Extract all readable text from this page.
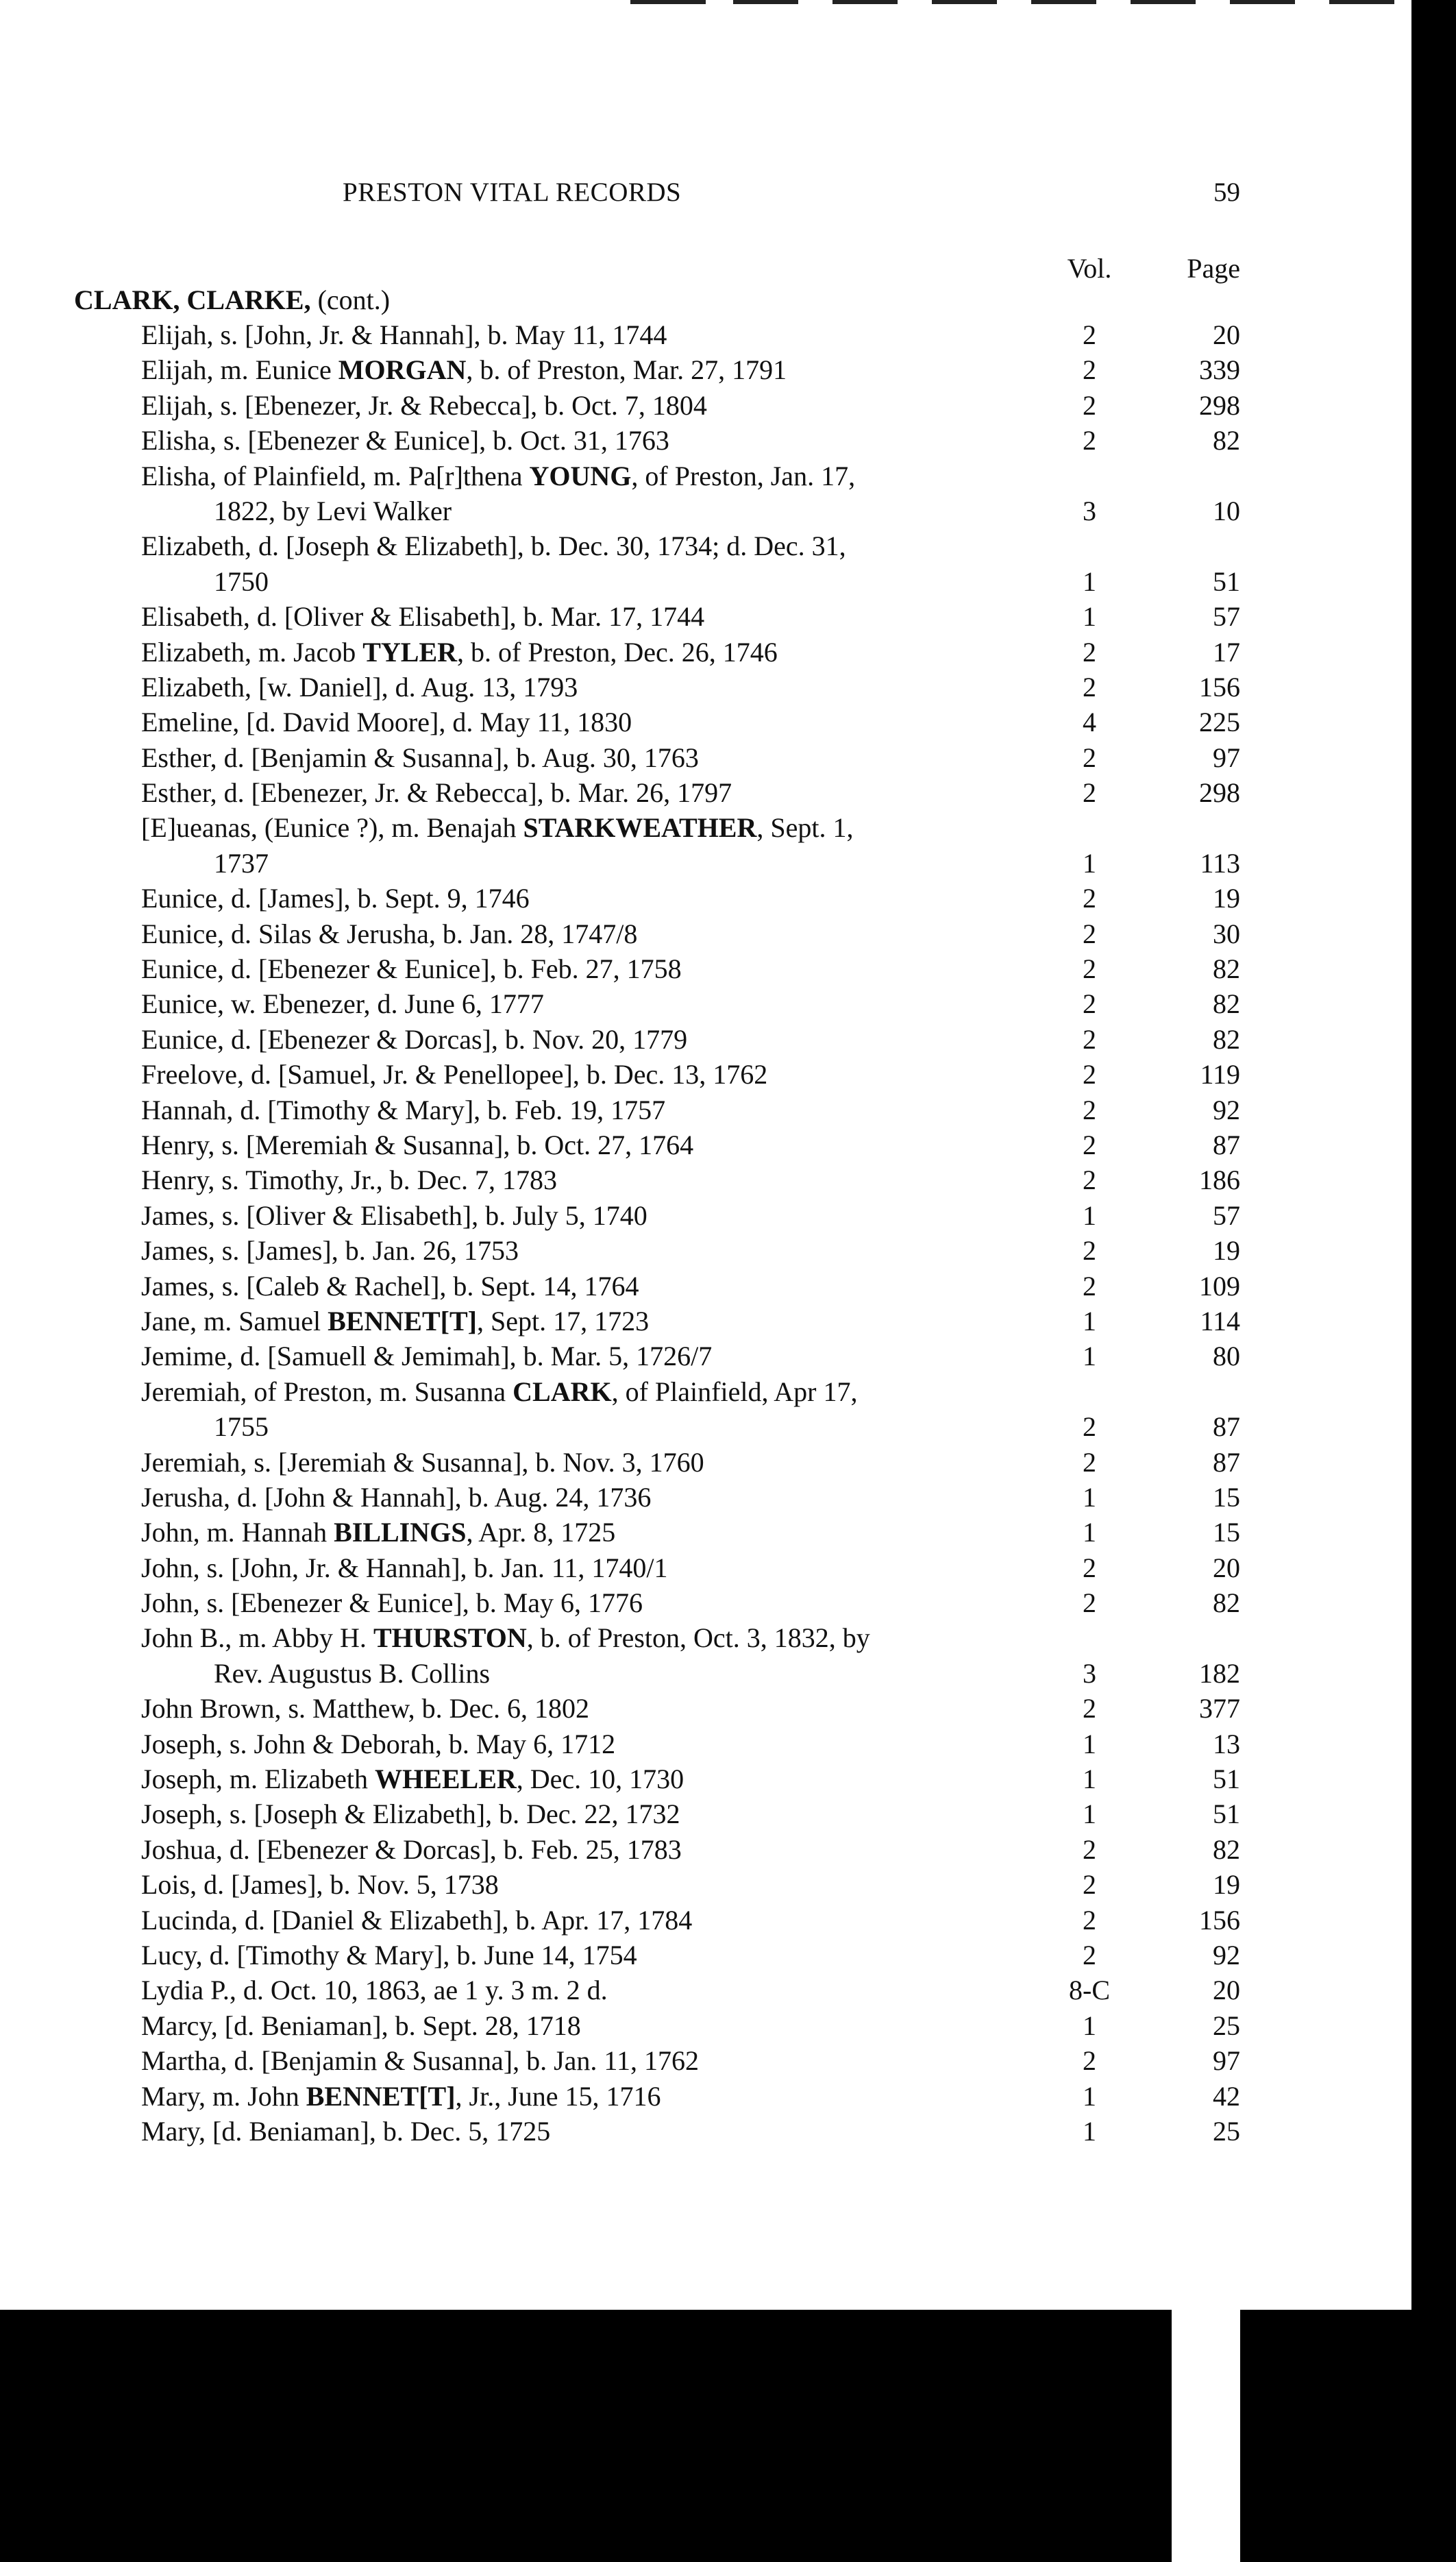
PRESTON VITAL RECORDS	59
Vol.	Page
CLARK, CLARKE, (cont.)
Elijah, s. [John, Jr. & Hannah], b. May 11, 1744	2	20
Elijah, m. Eunice MORGAN, b. of Preston, Mar. 27, 1791	2	339
Elijah, s. [Ebenezer, Jr. & Rebecca], b. Oct. 7, 1804	2	298
Elisha, s. [Ebenezer & Eunice], b. Oct. 31, 1763	2	82
Elisha, of Plainfield, m. Pa[r]thena YOUNG, of Preston, Jan. 17,
1822, by Levi Walker	3	10
Elizabeth, d. [Joseph & Elizabeth], b. Dec. 30, 1734; d. Dec. 31,
1750	1	51
Elisabeth, d. [Oliver & Elisabeth], b. Mar. 17, 1744	1	57
Elizabeth, m. Jacob TYLER, b. of Preston, Dec. 26, 1746	2	17
Elizabeth, [w. Daniel], d. Aug. 13, 1793	2	156
Emeline, [d. David Moore], d. May 11, 1830	4	225
Esther, d. [Benjamin & Susanna], b. Aug. 30, 1763	2	97
Esther, d. [Ebenezer, Jr. & Rebecca], b. Mar. 26, 1797	2	298
[E]ueanas, (Eunice ?), m. Benajah STARKWEATHER, Sept. 1,
1737	1	113
Eunice, d. [James], b. Sept. 9, 1746	2	19
Eunice, d. Silas & Jerusha, b. Jan. 28, 1747/8	2	30
Eunice, d. [Ebenezer & Eunice], b. Feb. 27, 1758	2	82
Eunice, w. Ebenezer, d. June 6, 1777	2	82
Eunice, d. [Ebenezer & Dorcas], b. Nov. 20, 1779	2	82
Freelove, d. [Samuel, Jr. & Penellopee], b. Dec. 13, 1762	2	119
Hannah, d. [Timothy & Mary], b. Feb. 19, 1757	2	92
Henry, s. [Meremiah & Susanna], b. Oct. 27, 1764	2	87
Henry, s. Timothy, Jr., b. Dec. 7, 1783	2	186
James, s. [Oliver & Elisabeth], b. July 5, 1740	1	57
James, s. [James], b. Jan. 26, 1753	2	19
James, s. [Caleb & Rachel], b. Sept. 14, 1764	2	109
Jane, m. Samuel BENNET[T], Sept. 17, 1723	1	114
Jemime, d. [Samuell & Jemimah], b. Mar. 5, 1726/7	1	80
Jeremiah, of Preston, m. Susanna CLARK, of Plainfield, Apr 17,
1755	2	87
Jeremiah, s. [Jeremiah & Susanna], b. Nov. 3, 1760	2	87
Jerusha, d. [John & Hannah], b. Aug. 24, 1736	1	15
John, m. Hannah BILLINGS, Apr. 8, 1725	1	15
John, s. [John, Jr. & Hannah], b. Jan. 11, 1740/1	2	20
John, s. [Ebenezer & Eunice], b. May 6, 1776	2	82
John B., m. Abby H. THURSTON, b. of Preston, Oct. 3, 1832, by
Rev. Augustus B. Collins	3	182
John Brown, s. Matthew, b. Dec. 6, 1802	2	377
Joseph, s. John & Deborah, b. May 6, 1712	1	13
Joseph, m. Elizabeth WHEELER, Dec. 10, 1730	1	51
Joseph, s. [Joseph & Elizabeth], b. Dec. 22, 1732	1	51
Joshua, d. [Ebenezer & Dorcas], b. Feb. 25, 1783	2	82
Lois, d. [James], b. Nov. 5, 1738	2	19
Lucinda, d. [Daniel & Elizabeth], b. Apr. 17, 1784	2	156
Lucy, d. [Timothy & Mary], b. June 14, 1754	2	92
Lydia P., d. Oct. 10, 1863, ae 1 y. 3 m. 2 d.	8-C	20
Marcy, [d. Beniaman], b. Sept. 28, 1718	1	25
Martha, d. [Benjamin & Susanna], b. Jan. 11, 1762	2	97
Mary, m. John BENNET[T], Jr., June 15, 1716	1	42
Mary, [d. Beniaman], b. Dec. 5, 1725	1	25
